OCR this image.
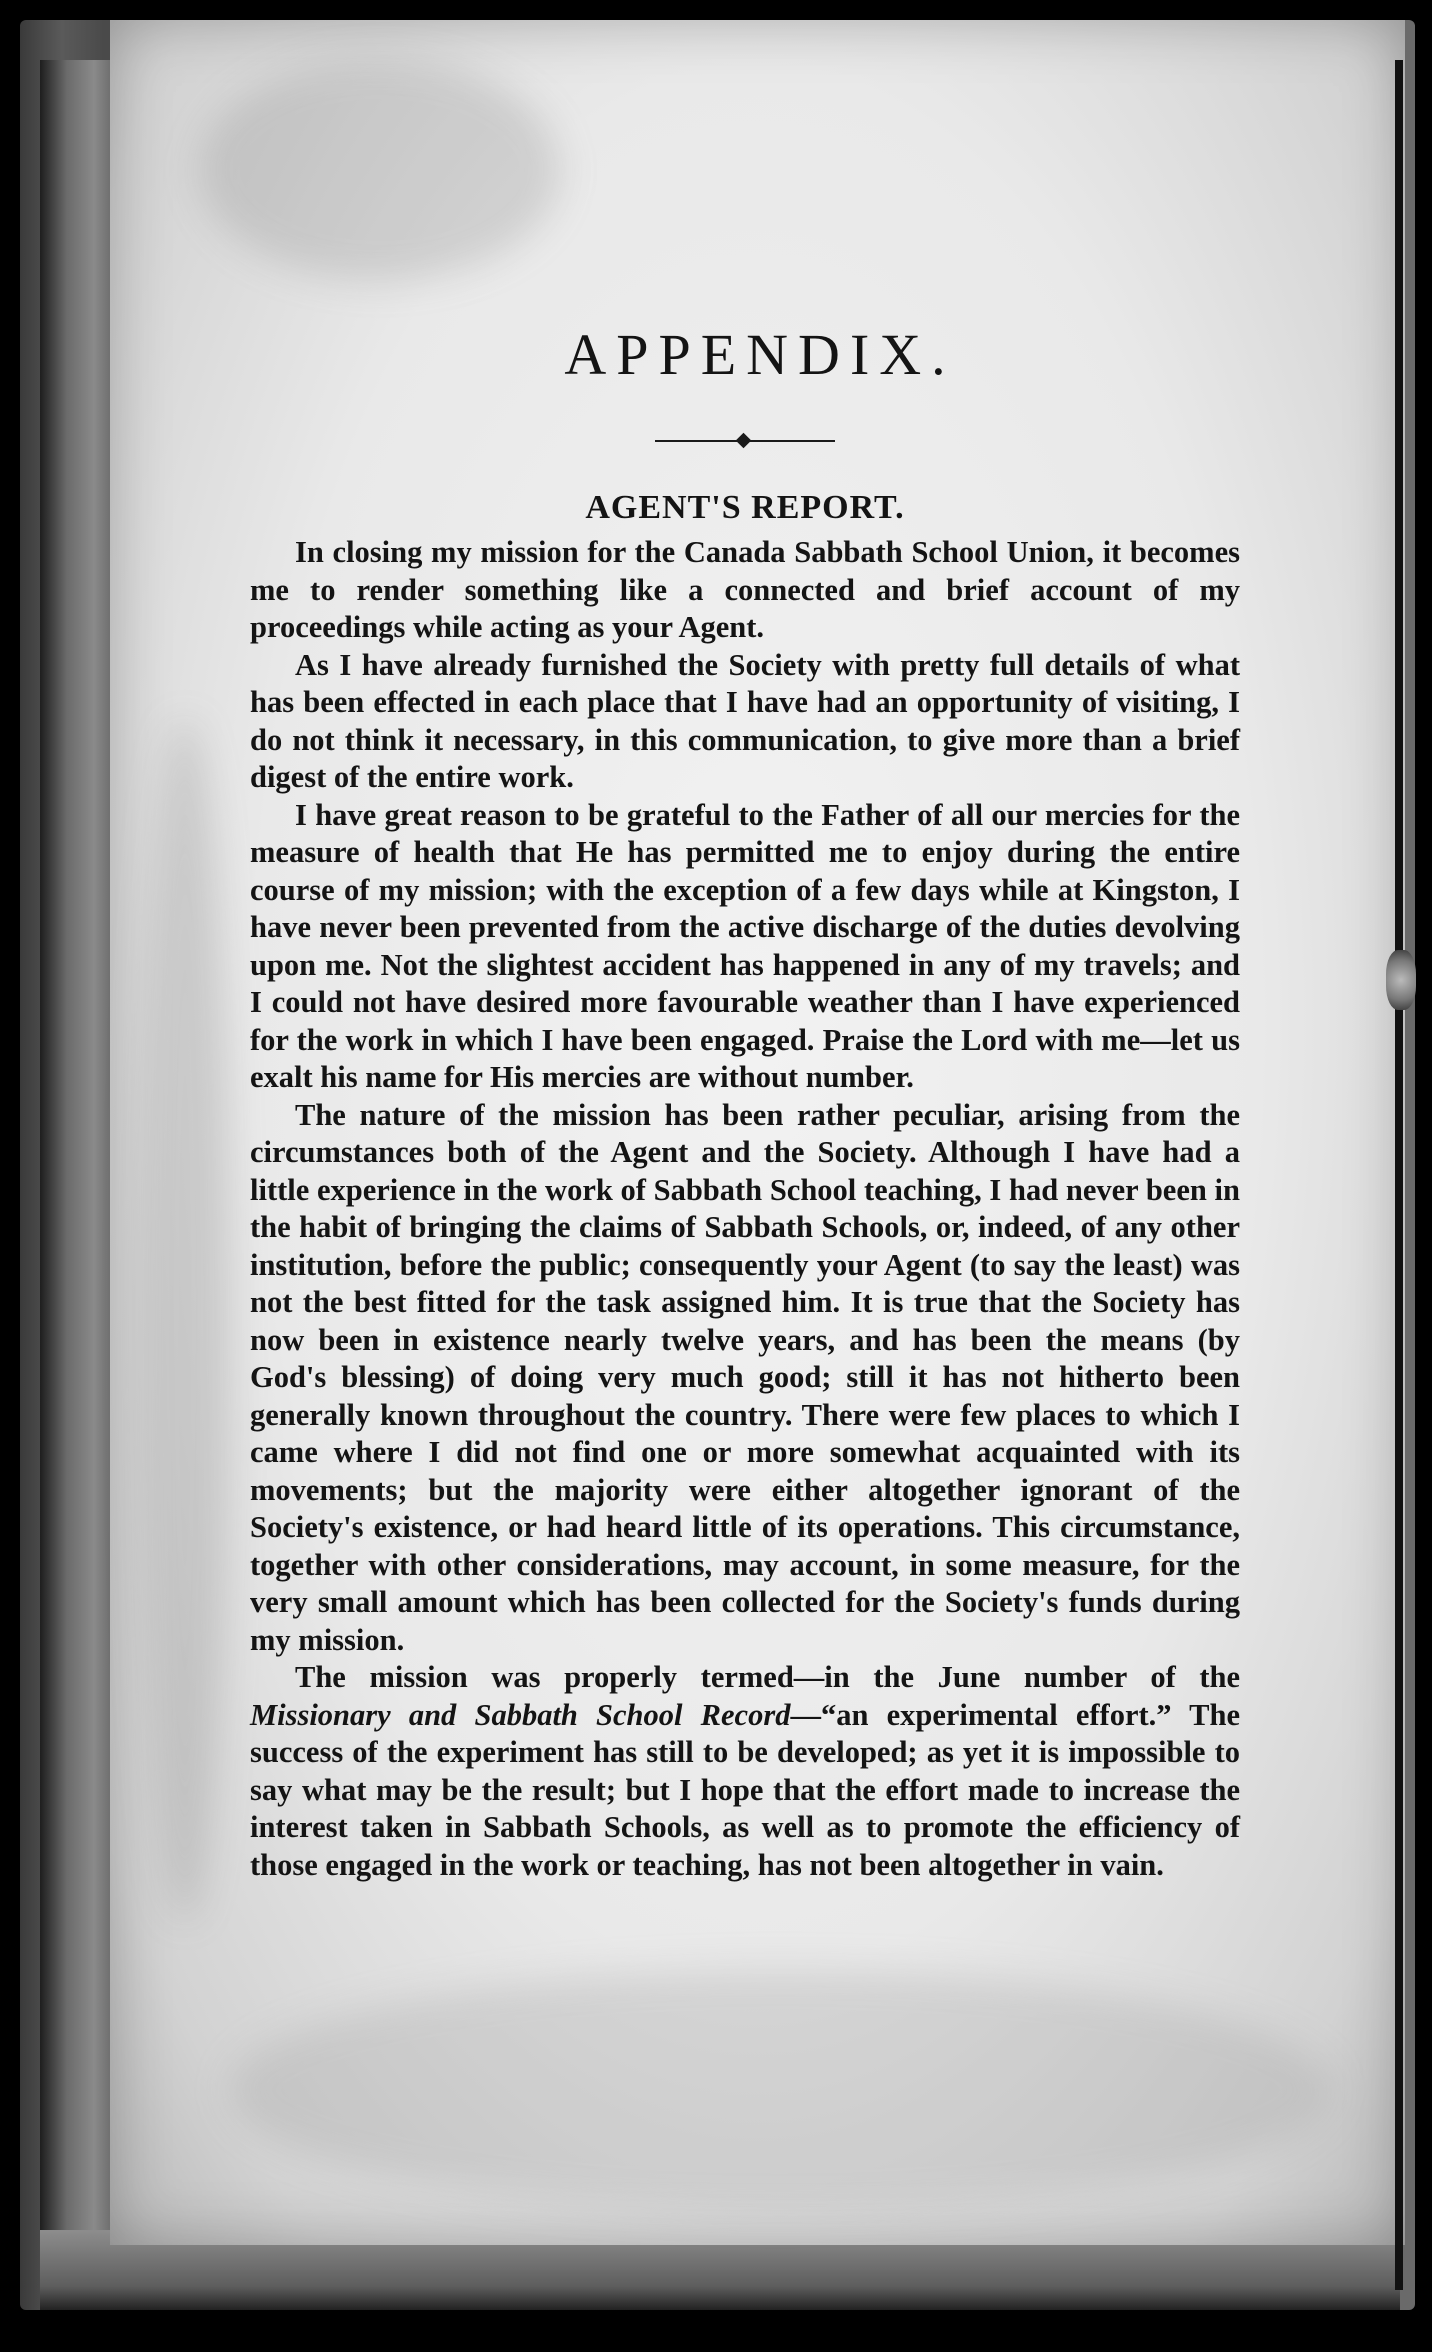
APPENDIX.
AGENT'S REPORT.

In closing my mission for the Canada Sabbath School Union, it becomes me to render something like a connected and brief account of my proceedings while acting as your Agent.

As I have already furnished the Society with pretty full details of what has been effected in each place that I have had an opportunity of visiting, I do not think it necessary, in this communication, to give more than a brief digest of the entire work.

I have great reason to be grateful to the Father of all our mercies for the measure of health that He has permitted me to enjoy during the entire course of my mission; with the exception of a few days while at Kingston, I have never been prevented from the active discharge of the duties devolving upon me. Not the slightest accident has happened in any of my travels; and I could not have desired more favourable weather than I have experienced for the work in which I have been engaged. Praise the Lord with me—let us exalt his name for His mercies are without number.

The nature of the mission has been rather peculiar, arising from the circumstances both of the Agent and the Society. Although I have had a little experience in the work of Sabbath School teaching, I had never been in the habit of bringing the claims of Sabbath Schools, or, indeed, of any other institution, before the public; consequently your Agent (to say the least) was not the best fitted for the task assigned him. It is true that the Society has now been in existence nearly twelve years, and has been the means (by God's blessing) of doing very much good; still it has not hitherto been generally known throughout the country. There were few places to which I came where I did not find one or more somewhat acquainted with its movements; but the majority were either altogether ignorant of the Society's existence, or had heard little of its operations. This circumstance, together with other considerations, may account, in some measure, for the very small amount which has been collected for the Society's funds during my mission.

The mission was properly termed—in the June number of the Missionary and Sabbath School Record—“an experimental effort.” The success of the experiment has still to be developed; as yet it is impossible to say what may be the result; but I hope that the effort made to increase the interest taken in Sabbath Schools, as well as to promote the efficiency of those engaged in the work or teaching, has not been altogether in vain.
